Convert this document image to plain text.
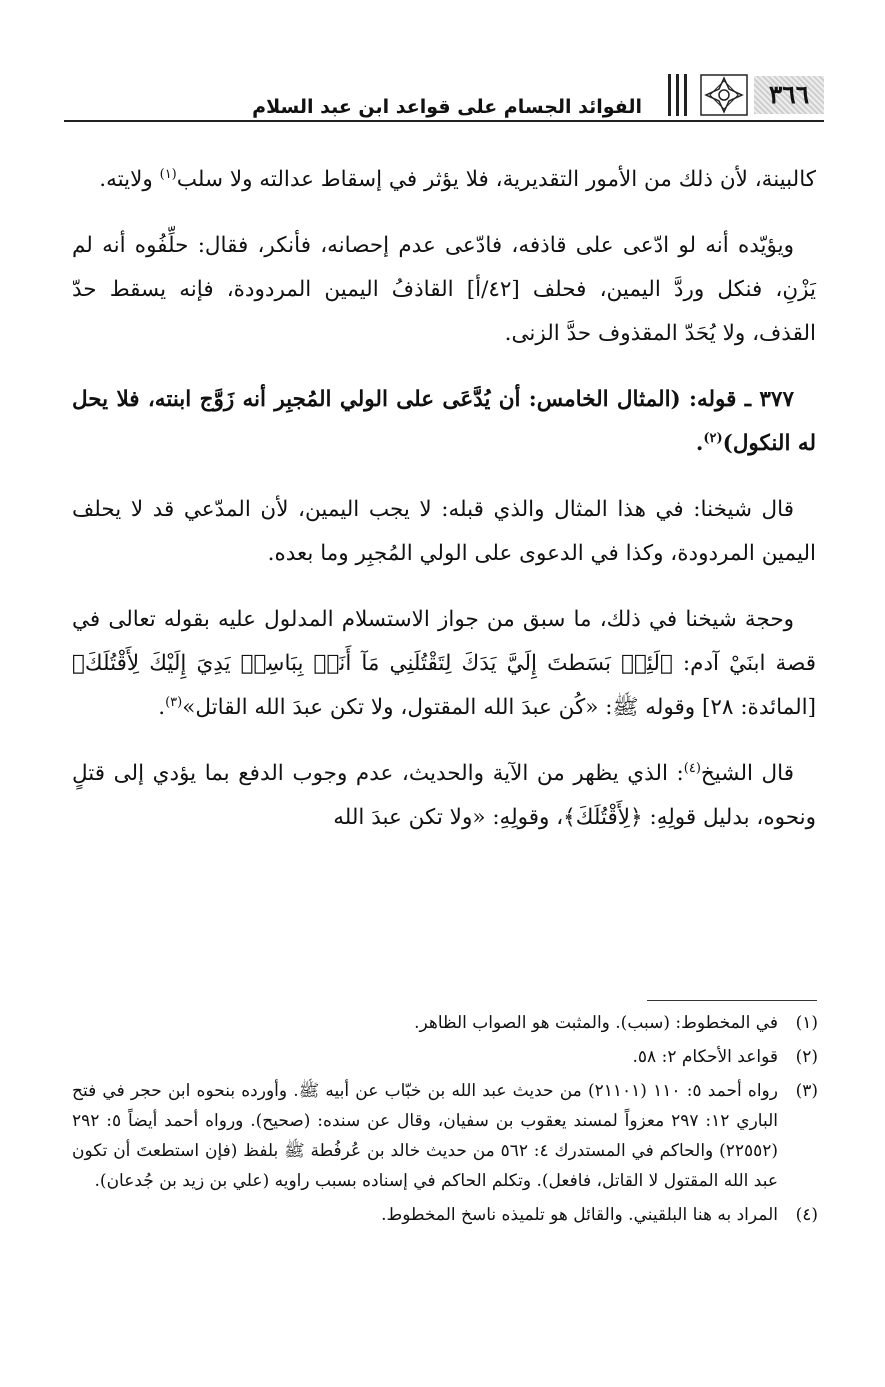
٣٦٦
الفوائد الجسام على قواعد ابن عبد السلام

كالبينة، لأن ذلك من الأمور التقديرية، فلا يؤثر في إسقاط عدالته ولا سلب$^{(١)}$ ولايته.

ويؤيّده أنه لو ادّعى على قاذفه، فادّعى عدم إحصانه، فأنكر، فقال: حلِّفُوه أنه لم يَزْنِ، فنكل وردَّ اليمين، فحلف [٤٢/أ] القاذفُ اليمين المردودة، فإنه يسقط حدّ القذف، ولا يُحَدّ المقذوف حدَّ الزنى.

٣٧٧ ـ قوله: (المثال الخامس: أن يُدَّعَى على الولي المُجبِر أنه زَوَّج ابنته، فلا يحل له النكول)$^{(٢)}$.

قال شيخنا: في هذا المثال والذي قبله: لا يجب اليمين، لأن المدّعي قد لا يحلف اليمين المردودة، وكذا في الدعوى على الولي المُجبِر وما بعده.

وحجة شيخنا في ذلك، ما سبق من جواز الاستسلام المدلول عليه بقوله تعالى في قصة ابنَيْ آدم: ﴿لَئِنۢ بَسَطتَ إِلَيَّ يَدَكَ لِتَقْتُلَنِي مَآ أَنَا۠ بِبَاسِطٖ يَدِيَ إِلَيْكَ لِأَقْتُلَكَ﴾ [المائدة: ٢٨] وقوله ﷺ: «كُن عبدَ الله المقتول، ولا تكن عبدَ الله القاتل»$^{(٣)}$.

قال الشيخ$^{(٤)}$: الذي يظهر من الآية والحديث، عدم وجوب الدفع بما يؤدي إلى قتلٍ ونحوه، بدليل قولِهِ: ﴿لِأَقْتُلَكَ﴾، وقولِهِ: «ولا تكن عبدَ الله

(١)
في المخطوط: (سبب). والمثبت هو الصواب الظاهر.
(٢)
قواعد الأحكام ٢: ٥٨.
(٣)
رواه أحمد ٥: ١١٠ (٢١١٠١) من حديث عبد الله بن خبّاب عن أبيه ﷺ. وأورده بنحوه ابن حجر في فتح الباري ١٢: ٢٩٧ معزواً لمسند يعقوب بن سفيان، وقال عن سنده: (صحيح). ورواه أحمد أيضاً ٥: ٢٩٢ (٢٢٥٥٢) والحاكم في المستدرك ٤: ٥٦٢ من حديث خالد بن عُرفُطة ﷺ بلفظ (فإن استطعتَ أن تكون عبد الله المقتول لا القاتل، فافعل). وتكلم الحاكم في إسناده بسبب راويه (علي بن زيد بن جُدعان).
(٤)
المراد به هنا البلقيني. والقائل هو تلميذه ناسخ المخطوط.
